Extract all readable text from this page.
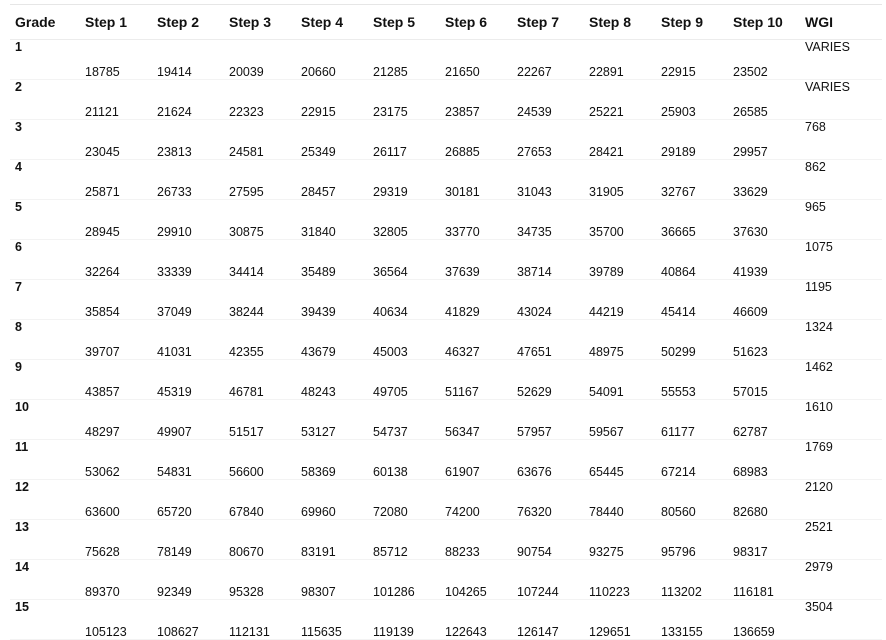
Grade	Step 1	Step 2	Step 3	Step 4	Step 5	Step 6	Step 7	Step 8	Step 9	Step 10	WGI
1	18785	19414	20039	20660	21285	21650	22267	22891	22915	23502	VARIES
2	21121	21624	22323	22915	23175	23857	24539	25221	25903	26585	VARIES
3	23045	23813	24581	25349	26117	26885	27653	28421	29189	29957	768
4	25871	26733	27595	28457	29319	30181	31043	31905	32767	33629	862
5	28945	29910	30875	31840	32805	33770	34735	35700	36665	37630	965
6	32264	33339	34414	35489	36564	37639	38714	39789	40864	41939	1075
7	35854	37049	38244	39439	40634	41829	43024	44219	45414	46609	1195
8	39707	41031	42355	43679	45003	46327	47651	48975	50299	51623	1324
9	43857	45319	46781	48243	49705	51167	52629	54091	55553	57015	1462
10	48297	49907	51517	53127	54737	56347	57957	59567	61177	62787	1610
11	53062	54831	56600	58369	60138	61907	63676	65445	67214	68983	1769
12	63600	65720	67840	69960	72080	74200	76320	78440	80560	82680	2120
13	75628	78149	80670	83191	85712	88233	90754	93275	95796	98317	2521
14	89370	92349	95328	98307	101286	104265	107244	110223	113202	116181	2979
15	105123	108627	112131	115635	119139	122643	126147	129651	133155	136659	3504
